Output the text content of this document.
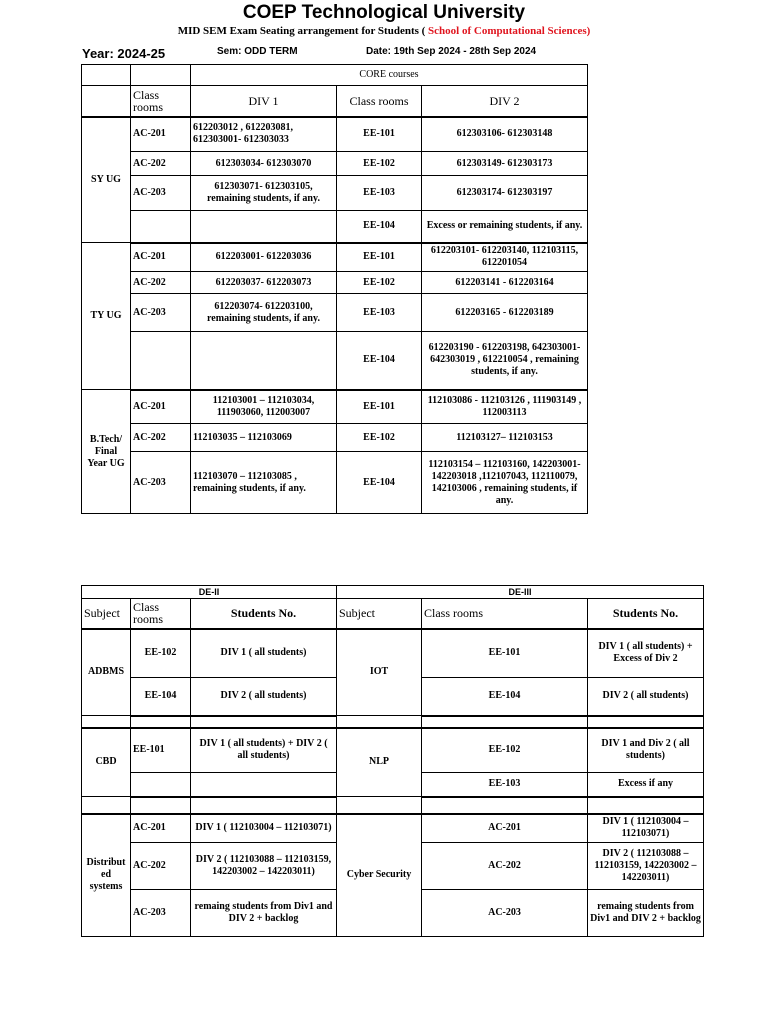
COEP Technological University
MID SEM Exam Seating arrangement for Students ( School of Computational Sciences)
Year: 2024-25	Sem: ODD TERM	Date: 19th Sep 2024 - 28th Sep 2024
		CORE courses		
	Class rooms	DIV 1	Class rooms	DIV 2
SY UG	AC-201	612203012 , 612203081, 612303001- 612303033	EE-101	612303106- 612303148
	AC-202	612303034- 612303070	EE-102	612303149- 612303173
	AC-203	612303071- 612303105, remaining students, if any.	EE-103	612303174- 612303197
			EE-104	Excess or remaining students, if any.
TY UG	AC-201	612203001- 612203036	EE-101	612203101- 612203140, 112103115, 612201054
	AC-202	612203037- 612203073	EE-102	612203141 - 612203164
	AC-203	612203074- 612203100, remaining students, if any.	EE-103	612203165 - 612203189
			EE-104	612203190 - 612203198, 642303001- 642303019 , 612210054 , remaining students, if any.
B.Tech/ Final Year UG	AC-201	112103001 – 112103034, 111903060, 112003007	EE-101	112103086 - 112103126 , 111903149 , 112003113
	AC-202	112103035 – 112103069	EE-102	112103127– 112103153
	AC-203	112103070 – 112103085 , remaining students, if any.	EE-104	112103154 – 112103160, 142203001-142203018 ,112107043, 112110079, 142103006 , remaining students, if any.
DE-II			DE-III		
Subject	Class rooms	Students No.	Subject	Class rooms	Students No.
ADBMS	EE-102	DIV 1 ( all students)	IOT	EE-101	DIV 1 ( all students) + Excess of Div 2
	EE-104	DIV 2 ( all students)		EE-104	DIV 2 ( all students)

CBD	EE-101	DIV 1 ( all students) + DIV 2 ( all students)	NLP	EE-102	DIV 1 and Div 2 ( all students)
				EE-103	Excess if any

Distribut ed systems	AC-201	DIV 1 ( 112103004 – 112103071)	Cyber Security	AC-201	DIV 1 ( 112103004 – 112103071)
	AC-202	DIV 2 ( 112103088 – 112103159, 142203002 – 142203011)		AC-202	DIV 2 ( 112103088 – 112103159, 142203002 – 142203011)
	AC-203	remaing students from Div1 and DIV 2 + backlog		AC-203	remaing students from Div1 and DIV 2 + backlog
